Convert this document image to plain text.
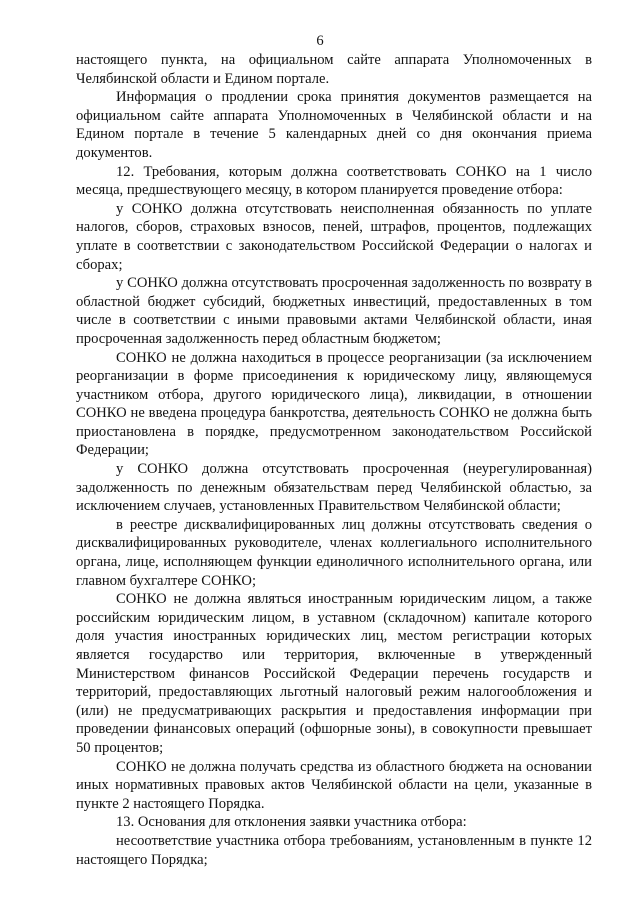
6

настоящего пункта, на официальном сайте аппарата Уполномоченных в Челябинской области и Едином портале.

Информация о продлении срока принятия документов размещается на официальном сайте аппарата Уполномоченных в Челябинской области и на Едином портале в течение 5 календарных дней со дня окончания приема документов.

12. Требования, которым должна соответствовать СОНКО на 1 число месяца, предшествующего месяцу, в котором планируется проведение отбора:

у СОНКО должна отсутствовать неисполненная обязанность по уплате налогов, сборов, страховых взносов, пеней, штрафов, процентов, подлежащих уплате в соответствии с законодательством Российской Федерации о налогах и сборах;

у СОНКО должна отсутствовать просроченная задолженность по возврату в областной бюджет субсидий, бюджетных инвестиций, предоставленных в том числе в соответствии с иными правовыми актами Челябинской области, иная просроченная задолженность перед областным бюджетом;

СОНКО не должна находиться в процессе реорганизации (за исключением реорганизации в форме присоединения к юридическому лицу, являющемуся участником отбора, другого юридического лица), ликвидации, в отношении СОНКО не введена процедура банкротства, деятельность СОНКО не должна быть приостановлена в порядке, предусмотренном законодательством Российской Федерации;

у СОНКО должна отсутствовать просроченная (неурегулированная) задолженность по денежным обязательствам перед Челябинской областью, за исключением случаев, установленных Правительством Челябинской области;

в реестре дисквалифицированных лиц должны отсутствовать сведения о дисквалифицированных руководителе, членах коллегиального исполнительного органа, лице, исполняющем функции единоличного исполнительного органа, или главном бухгалтере СОНКО;

СОНКО не должна являться иностранным юридическим лицом, а также российским юридическим лицом, в уставном (складочном) капитале которого доля участия иностранных юридических лиц, местом регистрации которых является государство или территория, включенные в утвержденный Министерством финансов Российской Федерации перечень государств и территорий, предоставляющих льготный налоговый режим налогообложения и (или) не предусматривающих раскрытия и предоставления информации при проведении финансовых операций (офшорные зоны), в совокупности превышает 50 процентов;

СОНКО не должна получать средства из областного бюджета на основании иных нормативных правовых актов Челябинской области на цели, указанные в пункте 2 настоящего Порядка.

13. Основания для отклонения заявки участника отбора:

несоответствие участника отбора требованиям, установленным в пункте 12 настоящего Порядка;
